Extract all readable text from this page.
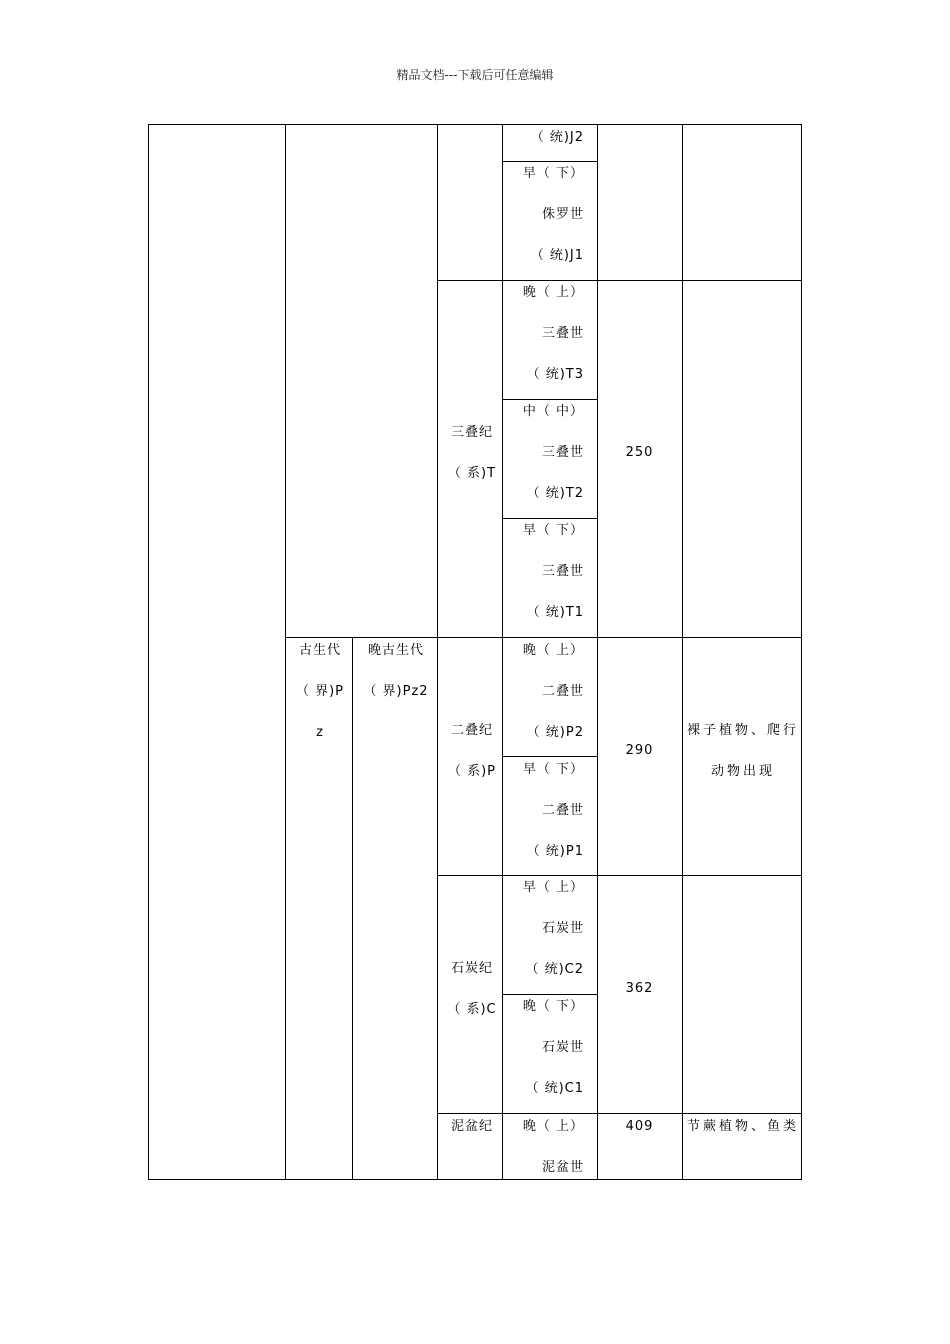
精品文档---下载后可任意编辑
（ 统)J2
早（ 下）
侏罗世
（ 统)J1
晚（ 上）
三叠世
（ 统)T3
中（ 中）
三叠世
（ 统)T2
早（ 下）
三叠世
（ 统)T1
三叠纪
（ 系)T
250
古生代
（ 界)P
z
晚古生代
（ 界)Pz2
晚（ 上）
二叠世
（ 统)P2
早（ 下）
二叠世
（ 统)P1
二叠纪
（ 系)P
290
裸子植物、爬行
动物出现
早（ 上）
石炭世
（ 统)C2
晚（ 下）
石炭世
（ 统)C1
石炭纪
（ 系)C
362
泥盆纪	晚（ 上）
泥盆世
409	节蕨植物、鱼类
